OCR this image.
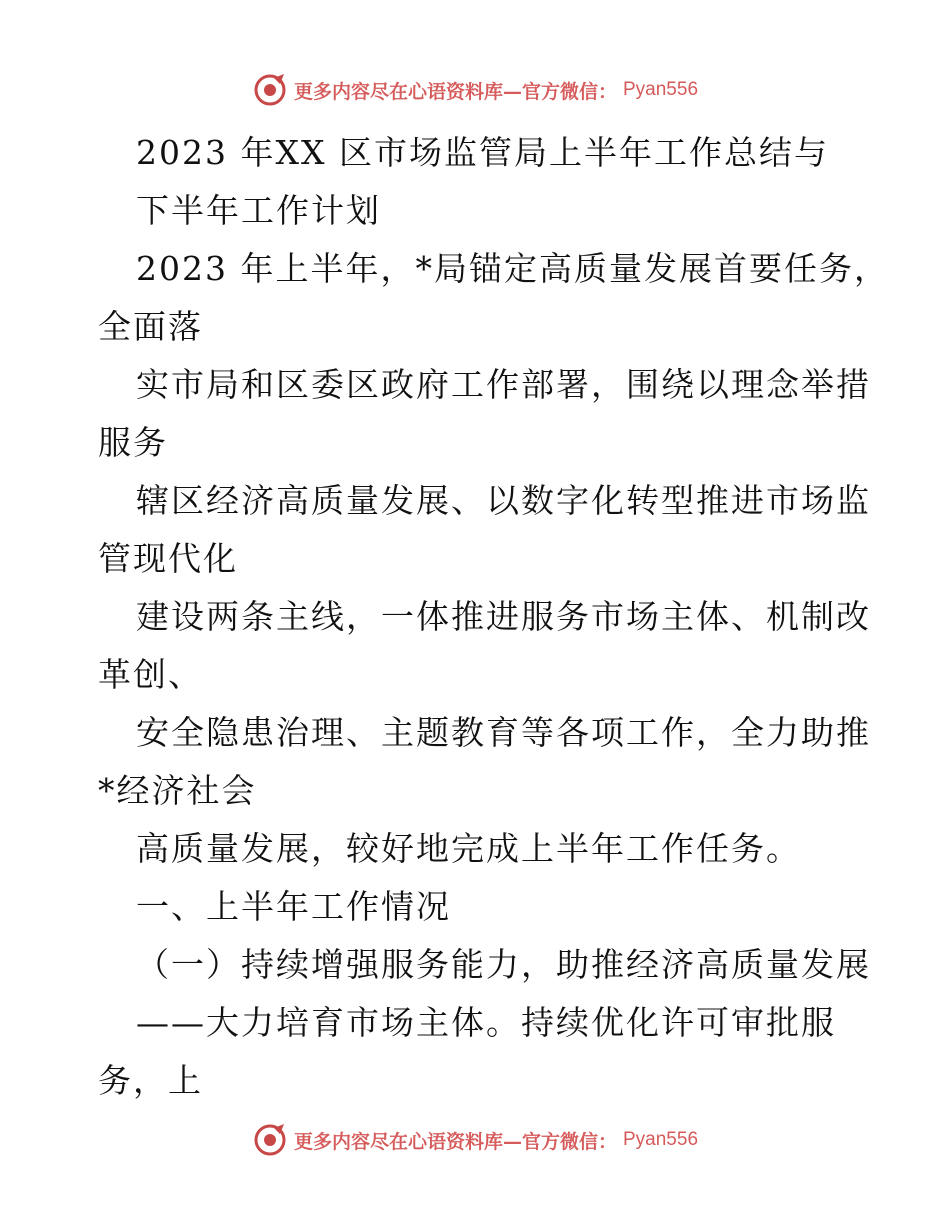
更多内容尽在心语资料库—官方微信： Pyan556
2023 年XX 区市场监管局上半年工作总结与
下半年工作计划
2023 年上半年，*局锚定高质量发展首要任务，
全面落
实市局和区委区政府工作部署，围绕以理念举措
服务
辖区经济高质量发展、以数字化转型推进市场监
管现代化
建设两条主线，一体推进服务市场主体、机制改
革创、
安全隐患治理、主题教育等各项工作，全力助推
*经济社会
高质量发展，较好地完成上半年工作任务。
一、上半年工作情况
（一）持续增强服务能力，助推经济高质量发展
——大力培育市场主体。持续优化许可审批服
务，上
更多内容尽在心语资料库—官方微信： Pyan556
